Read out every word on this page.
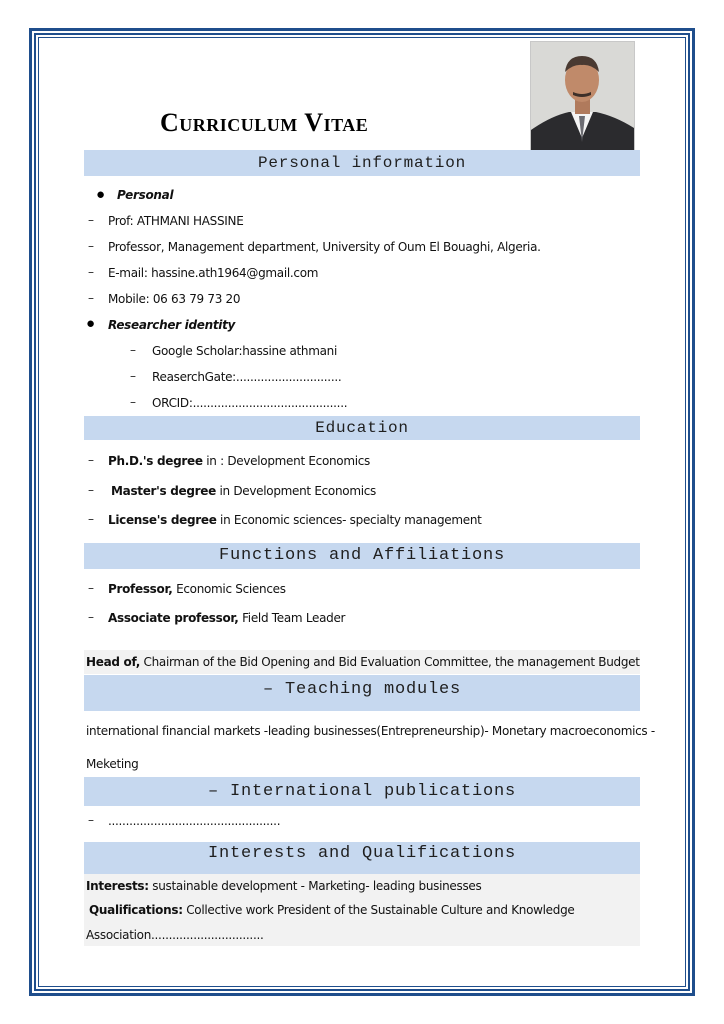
Curriculum Vitae
Personal information
● Personal
– Prof: ATHMANI HASSINE
– Professor, Management department, University of Oum El Bouaghi, Algeria.
– E-mail: hassine.ath1964@gmail.com
– Mobile: 06 63 79 73 20
● Researcher identity
– Google Scholar:hassine athmani
– ReaserchGate:..............................
– ORCID:............................................
Education
– Ph.D.'s degree in : Development Economics
– Master's degree in Development Economics
– License's degree in Economic sciences- specialty management
Functions and Affiliations
– Professor, Economic Sciences
– Associate professor, Field Team Leader
Head of, Chairman of the Bid Opening and Bid Evaluation Committee, the management Budget
– Teaching modules
international financial markets -leading businesses(Entrepreneurship)- Monetary macroeconomics -
Meketing
– International publications
– .................................................
Interests and Qualifications
Interests: sustainable development - Marketing- leading businesses
Qualifications: Collective work President of the Sustainable Culture and Knowledge
Association................................
